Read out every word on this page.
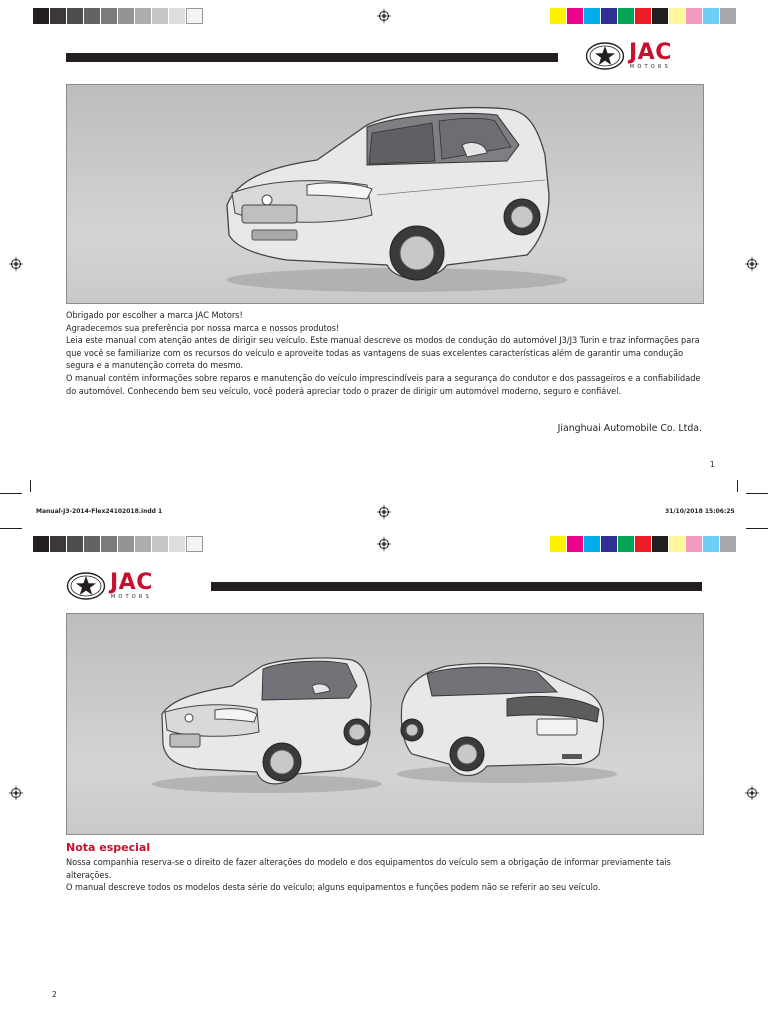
JAC
MOTORS

Obrigado por escolher a marca JAC Motors!

Agradecemos sua preferência por nossa marca e nossos produtos!

Leia este manual com atenção antes de dirigir seu veículo. Este manual descreve os modos de condução do automóvel J3/J3 Turin e traz informações para que você se familiarize com os recursos do veículo e aproveite todas as vantagens de suas excelentes características além de garantir uma condução segura e a manutenção correta do mesmo.

O manual contém informações sobre reparos e manutenção do veículo imprescindíveis para a segurança do condutor e dos passageiros e a confiabilidade do automóvel. Conhecendo bem seu veículo, você poderá apreciar todo o prazer de dirigir um automóvel moderno, seguro e confiável.

Jianghuai Automobile Co. Ltda.
1
Manual-J3-2014-Flex24102018.indd 1	31/10/2018 15:06:25
JAC
MOTORS
Nota especial

Nossa companhia reserva-se o direito de fazer alterações do modelo e dos equipamentos do veículo sem a obrigação de informar previamente tais alterações.

O manual descreve todos os modelos desta série do veículo; alguns equipamentos e funções podem não se referir ao seu veículo.

2
